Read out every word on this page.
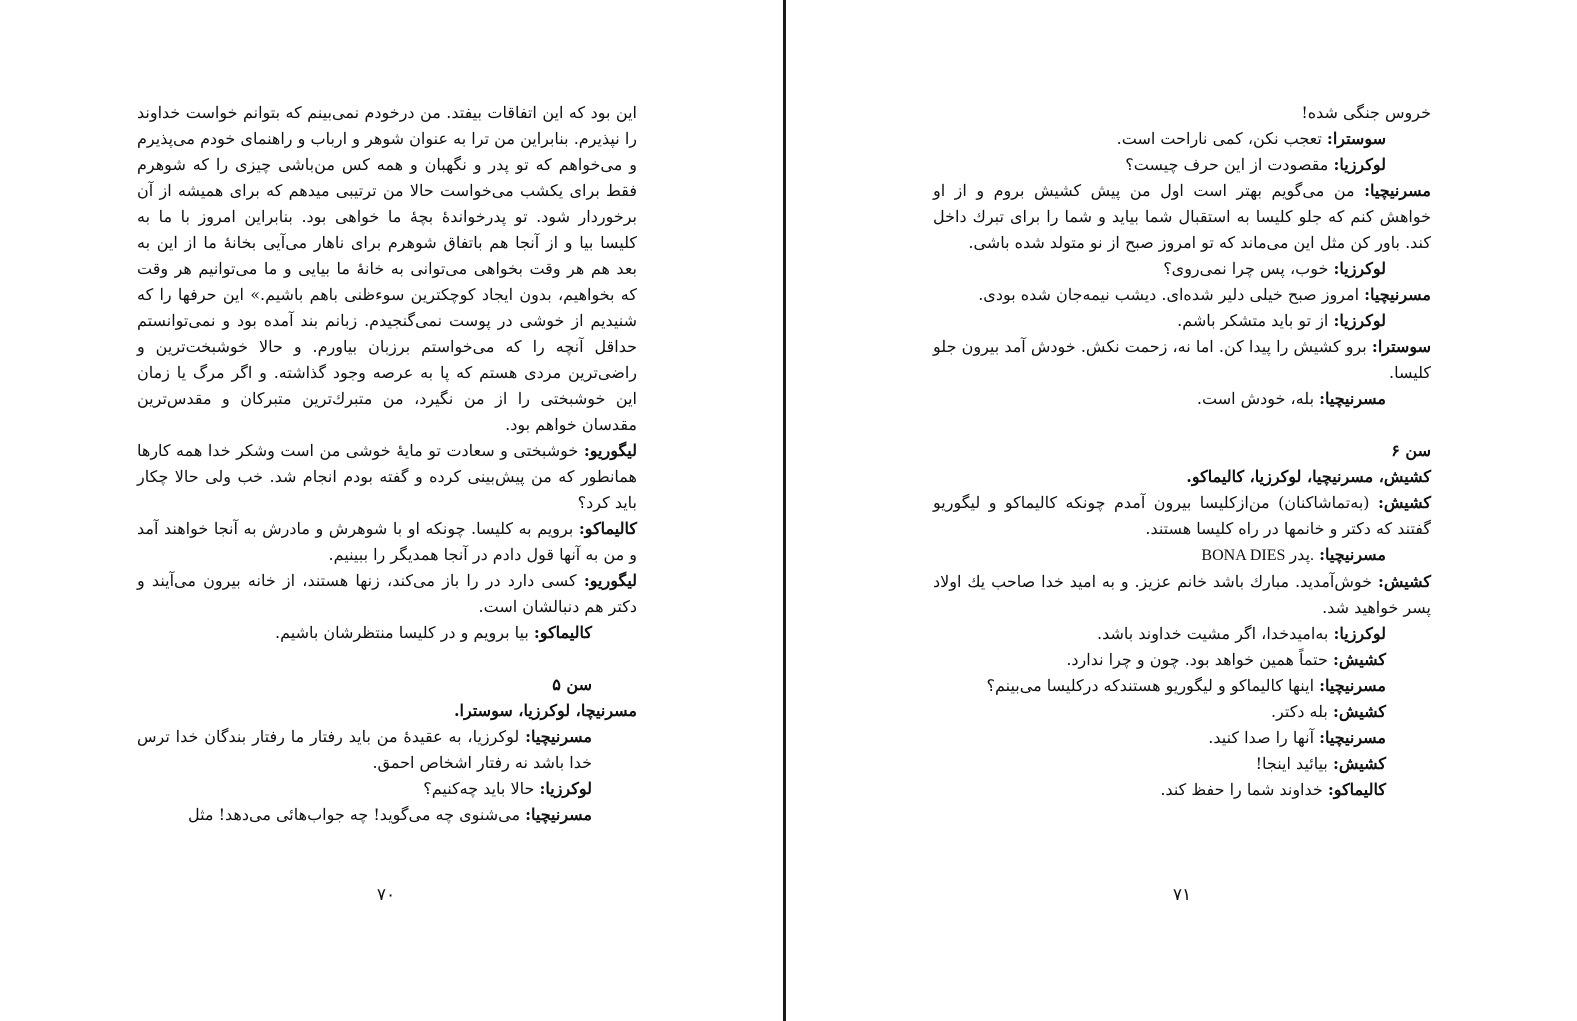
این بود که این اتفاقات بیفتد. من درخودم نمی‌بینم که بتوانم خواست خداوند را نپذیرم. بنابراین من ترا به عنوان شوهر و ارباب و راهنمای خودم می‌پذیرم و می‌خواهم که تو پدر و نگهبان و همه کس من‌باشی چیزی را که شوهرم فقط برای یکشب می‌خواست حالا من ترتیبی میدهم که برای همیشه از آن برخوردار شود. تو پدرخواندهٔ بچهٔ ما خواهی بود. بنابراین امروز با ما به کلیسا بیا و از آنجا هم باتفاق شوهرم برای ناهار می‌آیی بخانهٔ ما از این به بعد هم هر وقت بخواهی می‌توانی به خانهٔ ما بیایی و ما می‌توانیم هر وقت که بخواهیم، بدون ایجاد کوچکترین سوءظنی باهم باشیم.» این حرفها را که شنیدیم از خوشی در پوست نمی‌گنجیدم. زبانم بند آمده بود و نمی‌توانستم حداقل آنچه را که می‌خواستم برزبان بیاورم. و حالا خوشبخت‌ترین و راضی‌ترین مردی هستم که پا به عرصه وجود گذاشته. و اگر مرگ یا زمان این خوشبختی را از من نگیرد، من متبرك‌ترین متبرکان و مقدس‌ترین مقدسان خواهم بود.

لیگوریو: خوشبختی و سعادت تو مایهٔ خوشی من است وشکر خدا همه کارها همانطور که من پیش‌بینی کرده و گفته بودم انجام شد. خب ولی حالا چکار باید کرد؟

کالیماکو: برویم به کلیسا. چونکه او با شوهرش و مادرش به آنجا خواهند آمد و من به آنها قول دادم در آنجا همدیگر را ببینیم.

لیگوریو: کسی دارد در را باز می‌کند، زنها هستند، از خانه بیرون می‌آیند و دکتر هم دنبالشان است.

کالیماکو: بیا برویم و در کلیسا منتظرشان باشیم.

سن ۵

مسرنیچا، لوکرزیا، سوسترا.

مسرنیچیا: لوکرزیا، به عقیدهٔ من باید رفتار ما رفتار بندگان خدا ترس خدا باشد نه رفتار اشخاص احمق.

لوکرزیا: حالا باید چه‌کنیم؟

مسرنیچیا: می‌شنوی چه می‌گوید! چه جواب‌هائی می‌دهد! مثل

۷۰

خروس جنگی شده!

سوسترا: تعجب نکن، کمی ناراحت است.

لوکرزیا: مقصودت از این حرف چیست؟

مسرنیچیا: من می‌گویم بهتر است اول من پیش کشیش بروم و از او خواهش کنم که جلو کلیسا به استقبال شما بیاید و شما را برای تبرك داخل کند. باور کن مثل این می‌ماند که تو امروز صبح از نو متولد شده باشی.

لوکرزیا: خوب، پس چرا نمی‌روی؟

مسرنیچیا: امروز صبح خیلی دلیر شده‌ای. دیشب نیمه‌جان شده بودی.

لوکرزیا: از تو باید متشکر باشم.

سوسترا: برو کشیش را پیدا کن. اما نه، زحمت نکش. خودش آمد بیرون جلو کلیسا.

مسرنیچیا: بله، خودش است.

سن ۶

کشیش، مسرنیچیا، لوکرزیا، کالیماکو.

کشیش: (به‌تماشاکنان) من‌ازکلیسا بیرون آمدم چونکه کالیماکو و لیگوریو گفتند که دکتر و خانمها در راه کلیسا هستند.

مسرنیچیا: BONA DIES پدر.

کشیش: خوش‌آمدید. مبارك باشد خانم عزیز. و به امید خدا صاحب یك اولاد پسر خواهید شد.

لوکرزیا: به‌امیدخدا، اگر مشیت خداوند باشد.

کشیش: حتماً همین خواهد بود. چون و چرا ندارد.

مسرنیچیا: اینها کالیماکو و لیگوریو هستندکه درکلیسا می‌بینم؟

کشیش: بله دکتر.

مسرنیچیا: آنها را صدا کنید.

کشیش: بیائید اینجا!

کالیماکو: خداوند شما را حفظ کند.

۷۱
